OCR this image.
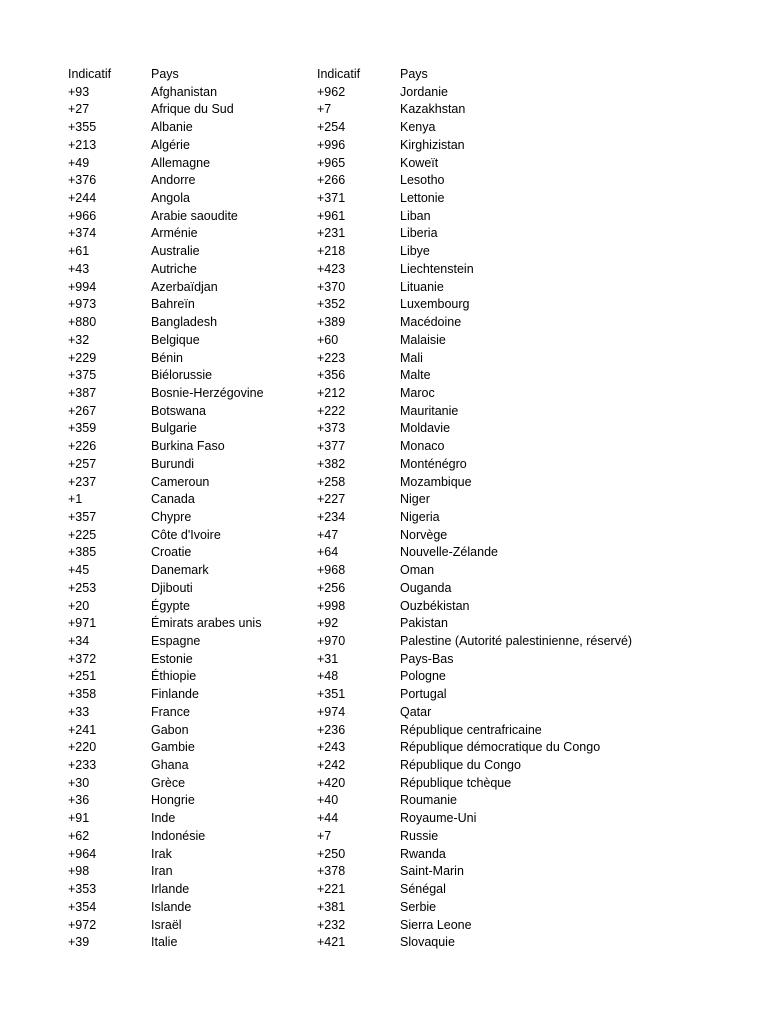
Indicatif	Pays
+93	Afghanistan
+27	Afrique du Sud
+355	Albanie
+213	Algérie
+49	Allemagne
+376	Andorre
+244	Angola
+966	Arabie saoudite
+374	Arménie
+61	Australie
+43	Autriche
+994	Azerbaïdjan
+973	Bahreïn
+880	Bangladesh
+32	Belgique
+229	Bénin
+375	Biélorussie
+387	Bosnie-Herzégovine
+267	Botswana
+359	Bulgarie
+226	Burkina Faso
+257	Burundi
+237	Cameroun
+1	Canada
+357	Chypre
+225	Côte d'Ivoire
+385	Croatie
+45	Danemark
+253	Djibouti
+20	Égypte
+971	Émirats arabes unis
+34	Espagne
+372	Estonie
+251	Éthiopie
+358	Finlande
+33	France
+241	Gabon
+220	Gambie
+233	Ghana
+30	Grèce
+36	Hongrie
+91	Inde
+62	Indonésie
+964	Irak
+98	Iran
+353	Irlande
+354	Islande
+972	Israël
+39	Italie
Indicatif	Pays
+962	Jordanie
+7	Kazakhstan
+254	Kenya
+996	Kirghizistan
+965	Koweït
+266	Lesotho
+371	Lettonie
+961	Liban
+231	Liberia
+218	Libye
+423	Liechtenstein
+370	Lituanie
+352	Luxembourg
+389	Macédoine
+60	Malaisie
+223	Mali
+356	Malte
+212	Maroc
+222	Mauritanie
+373	Moldavie
+377	Monaco
+382	Monténégro
+258	Mozambique
+227	Niger
+234	Nigeria
+47	Norvège
+64	Nouvelle-Zélande
+968	Oman
+256	Ouganda
+998	Ouzbékistan
+92	Pakistan
+970	Palestine (Autorité palestinienne, réservé)
+31	Pays-Bas
+48	Pologne
+351	Portugal
+974	Qatar
+236	République centrafricaine
+243	République démocratique du Congo
+242	République du Congo
+420	République tchèque
+40	Roumanie
+44	Royaume-Uni
+7	Russie
+250	Rwanda
+378	Saint-Marin
+221	Sénégal
+381	Serbie
+232	Sierra Leone
+421	Slovaquie
